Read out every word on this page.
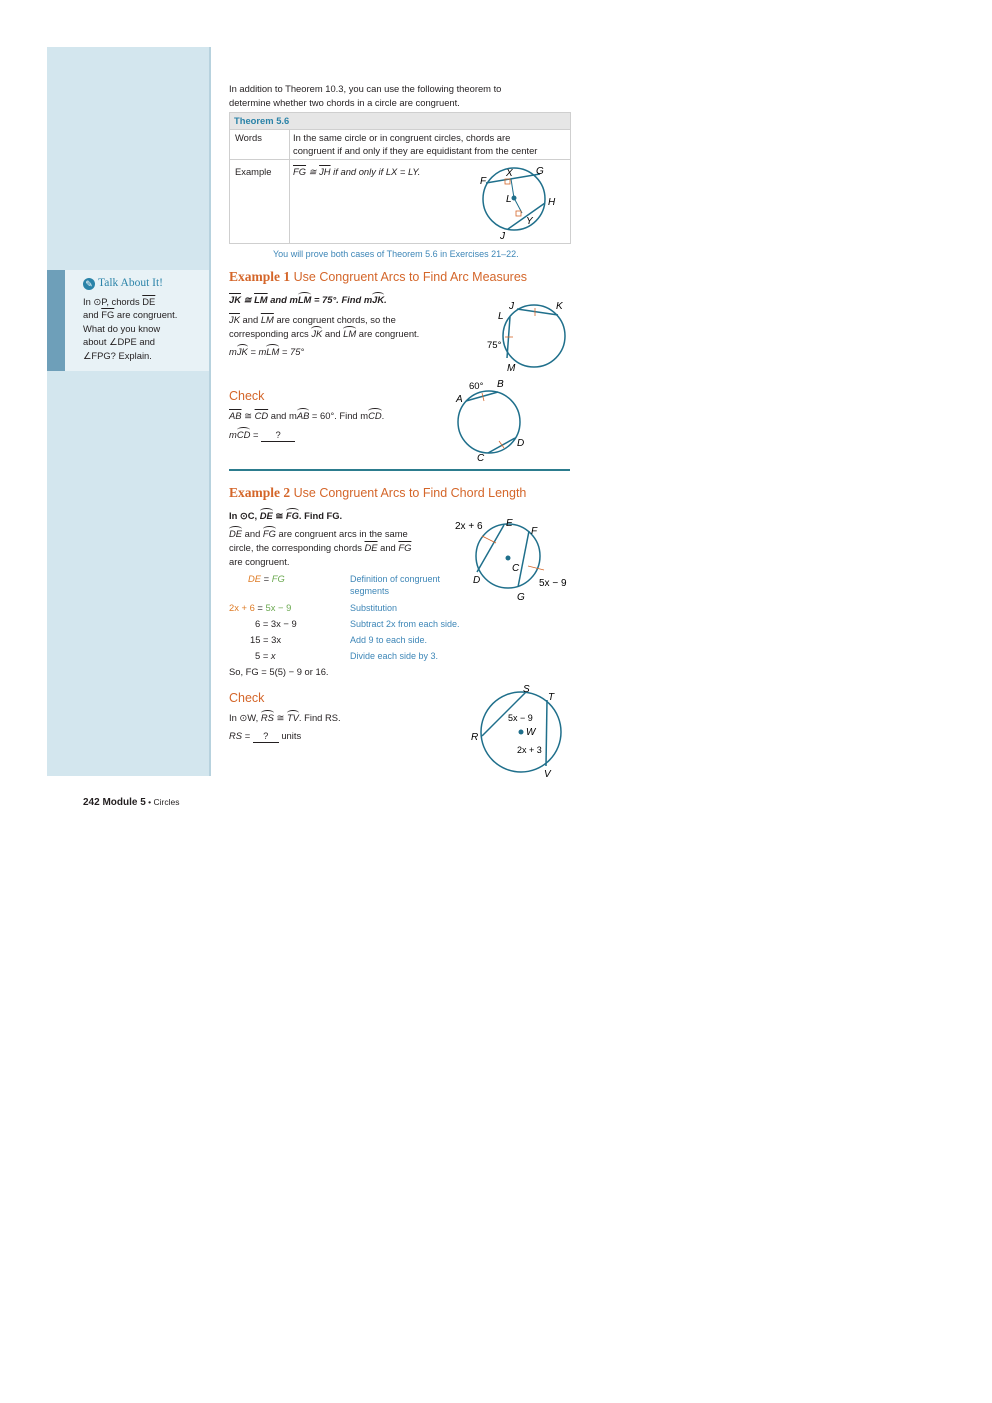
✎ Talk About It!
In ⊙P, chords $\overline{DE}$
and $\overline{FG}$ are congruent.
What do you know
about ∠DPE and
∠FPG? Explain.
In addition to Theorem 10.3, you can use the following theorem to
determine whether two chords in a circle are congruent.
Theorem 5.6
Words	In the same circle or in congruent circles, chords are
congruent if and only if they are equidistant from the center
Example $\overline{FG}$ ≅ $\overline{JH}$ if and only if LX = LY.
F
X G
L	H
Y
J
You will prove both cases of Theorem 5.6 in Exercises 21–22.
Example 1 Use Congruent Arcs to Find Arc Measures
$\overline{JK}$ ≅ $\overline{LM}$ and mLM = 75°. Find mJK.
$\overline{JK}$ and $\overline{LM}$ are congruent chords, so the
corresponding arcs JK and LM are congruent.
mJK = mLM = 75°
J	K
L
M
75°
Check
$\overline{AB}$ ≅ $\overline{CD}$ and mAB = 60°. Find mCD.
mCD = ?
60° B
A
D
C
Example 2 Use Congruent Arcs to Find Chord Length
In ⊙C, DE ≅ FG. Find FG.
DE and FG are congruent arcs in the same
circle, the corresponding chords $\overline{DE}$ and $\overline{FG}$
are congruent.
DE = FG	Definition of congruent
segments
2x + 6 = 5x − 9	Substitution
6 = 3x − 9	Subtract 2x from each side.
15 = 3x	Add 9 to each side.
5 = x	Divide each side by 3.
So, FG = 5(5) − 9 or 16.
2x + 6 E
F
C
D
G
5x − 9
Check
In ⊙W, RS ≅ TV. Find RS.
RS = ? units
S
T
R	W
V
5x − 9
2x + 3
242 Module 5 • Circles
